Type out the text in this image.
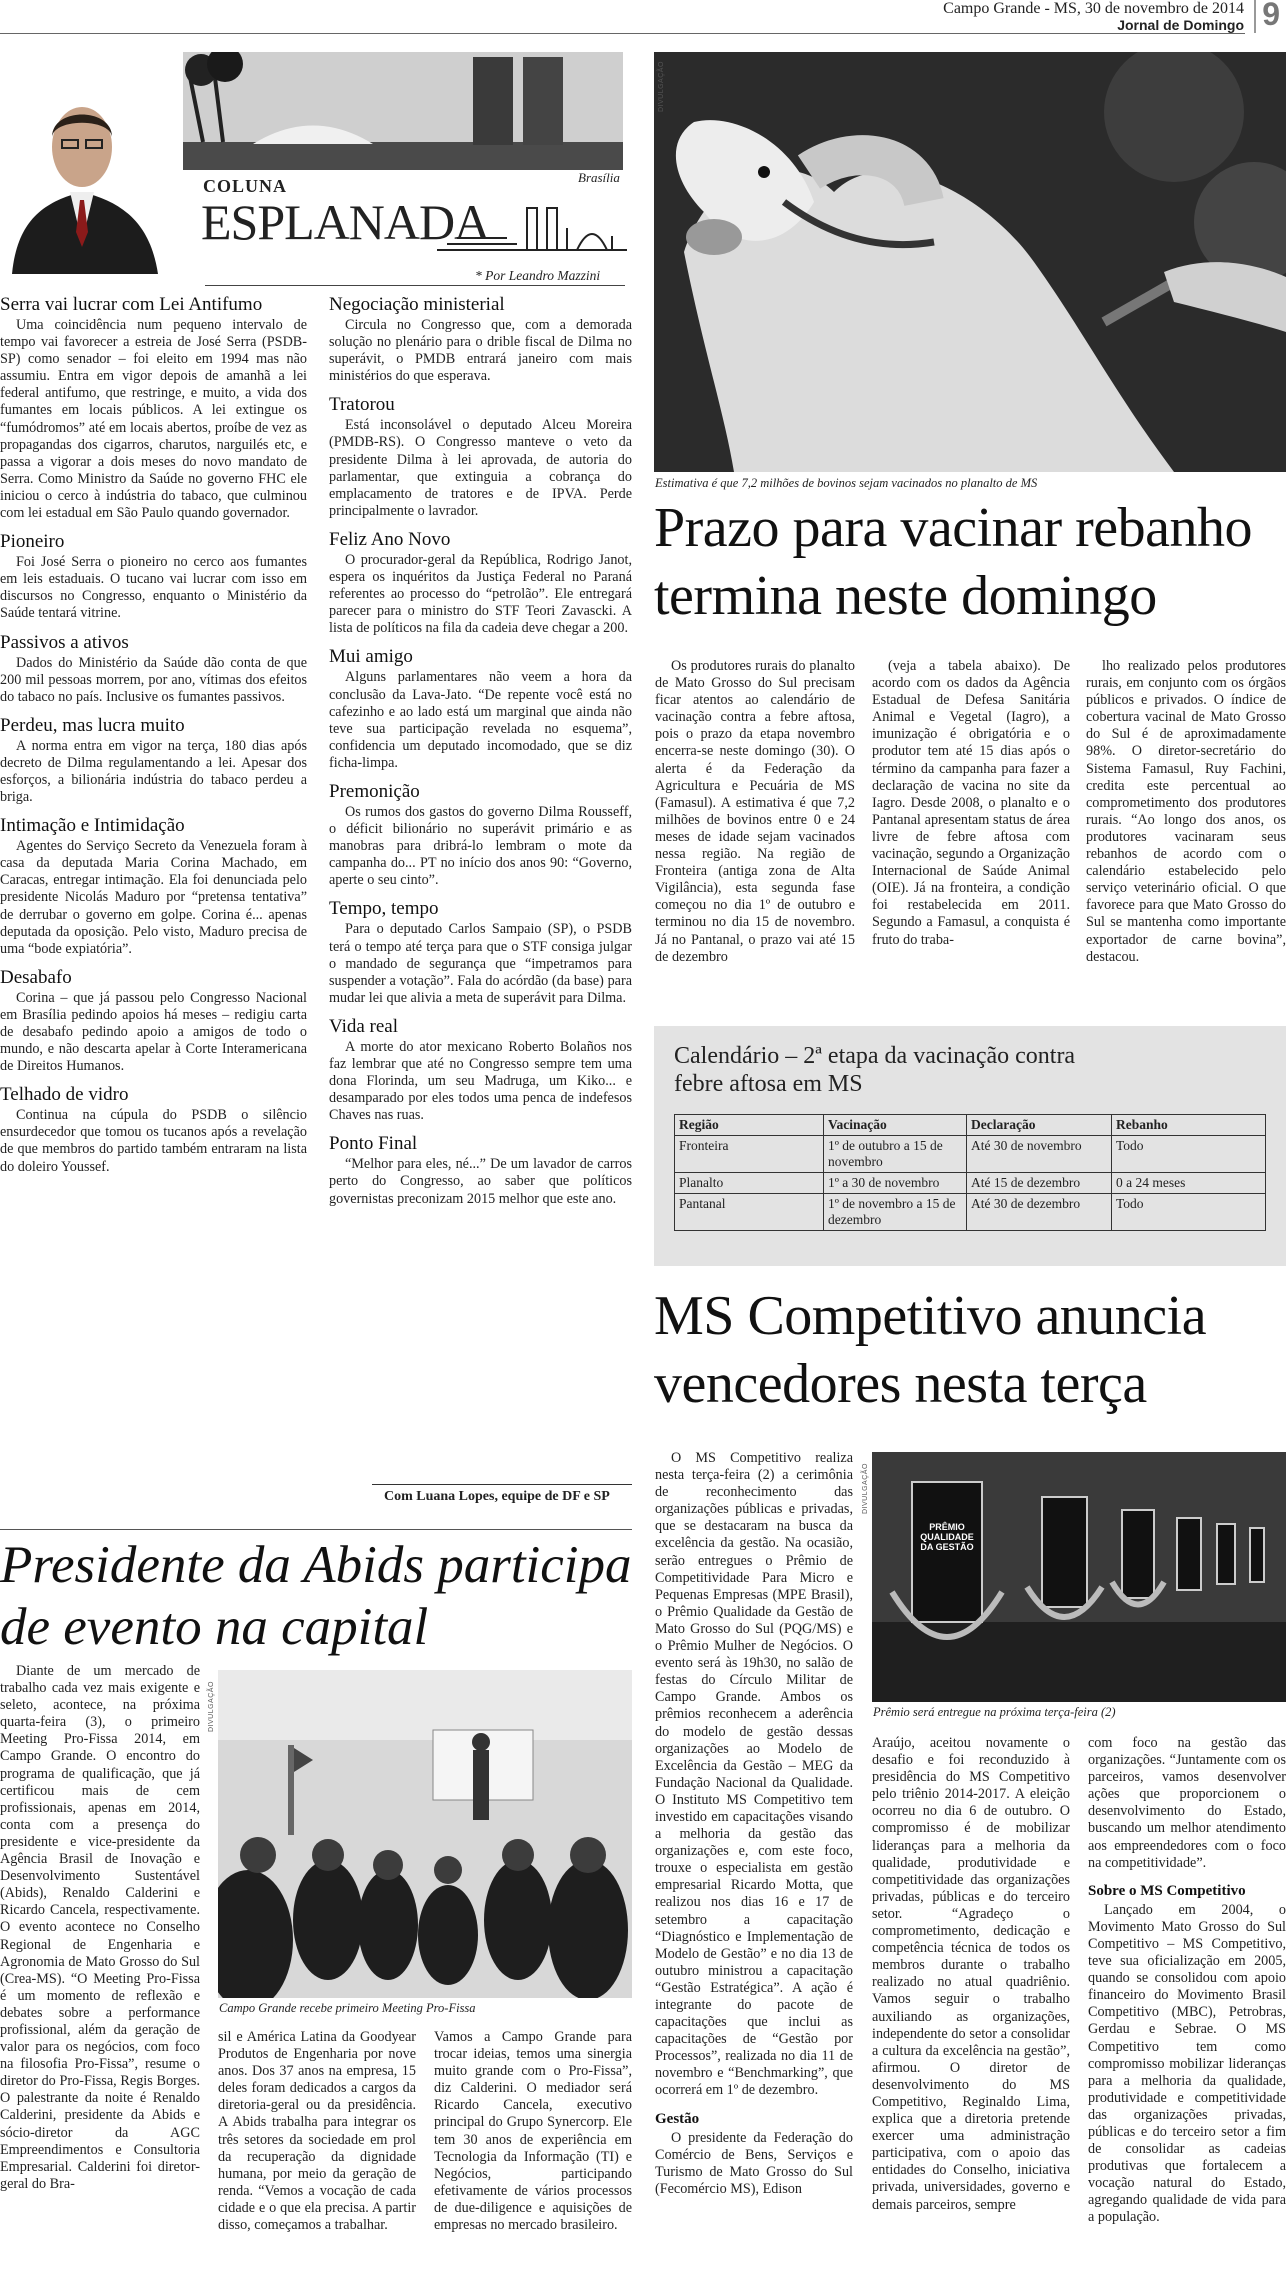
Campo Grande - MS, 30 de novembro de 2014
Jornal de Domingo 9
Brasília
COLUNA
ESPLANADA
* Por Leandro Mazzini
Serra vai lucrar com Lei Antifumo

Uma coincidência num pequeno intervalo de tempo vai favorecer a estreia de José Serra (PSDB-SP) como senador – foi eleito em 1994 mas não assumiu. Entra em vigor depois de amanhã a lei federal antifumo, que restringe, e muito, a vida dos fumantes em locais públicos. A lei extingue os “fumódromos” até em locais abertos, proíbe de vez as propagandas dos cigarros, charutos, narguilés etc, e passa a vigorar a dois meses do novo mandato de Serra. Como Ministro da Saúde no governo FHC ele iniciou o cerco à indústria do tabaco, que culminou com lei estadual em São Paulo quando governador.

Pioneiro

Foi José Serra o pioneiro no cerco aos fumantes em leis estaduais. O tucano vai lucrar com isso em discursos no Congresso, enquanto o Ministério da Saúde tentará vitrine.

Passivos a ativos

Dados do Ministério da Saúde dão conta de que 200 mil pessoas morrem, por ano, vítimas dos efeitos do tabaco no país. Inclusive os fumantes passivos.

Perdeu, mas lucra muito

A norma entra em vigor na terça, 180 dias após decreto de Dilma regulamentando a lei. Apesar dos esforços, a bilionária indústria do tabaco perdeu a briga.

Intimação e Intimidação

Agentes do Serviço Secreto da Venezuela foram à casa da deputada Maria Corina Machado, em Caracas, entregar intimação. Ela foi denunciada pelo presidente Nicolás Maduro por “pretensa tentativa” de derrubar o governo em golpe. Corina é... apenas deputada da oposição. Pelo visto, Maduro precisa de uma “bode expiatória”.

Desabafo

Corina – que já passou pelo Congresso Nacional em Brasília pedindo apoios há meses – redigiu carta de desabafo pedindo apoio a amigos de todo o mundo, e não descarta apelar à Corte Interamericana de Direitos Humanos.

Telhado de vidro

Continua na cúpula do PSDB o silêncio ensurdecedor que tomou os tucanos após a revelação de que membros do partido também entraram na lista do doleiro Youssef.

Negociação ministerial

Circula no Congresso que, com a demorada solução no plenário para o drible fiscal de Dilma no superávit, o PMDB entrará janeiro com mais ministérios do que esperava.

Tratorou

Está inconsolável o deputado Alceu Moreira (PMDB-RS). O Congresso manteve o veto da presidente Dilma à lei aprovada, de autoria do parlamentar, que extinguia a cobrança do emplacamento de tratores e de IPVA. Perde principalmente o lavrador.

Feliz Ano Novo

O procurador-geral da República, Rodrigo Janot, espera os inquéritos da Justiça Federal no Paraná referentes ao processo do “petrolão”. Ele entregará parecer para o ministro do STF Teori Zavascki. A lista de políticos na fila da cadeia deve chegar a 200.

Mui amigo

Alguns parlamentares não veem a hora da conclusão da Lava-Jato. “De repente você está no cafezinho e ao lado está um marginal que ainda não teve sua participação revelada no esquema”, confidencia um deputado incomodado, que se diz ficha-limpa.

Premonição

Os rumos dos gastos do governo Dilma Rousseff, o déficit bilionário no superávit primário e as manobras para dribrá-lo lembram o mote da campanha do... PT no início dos anos 90: “Governo, aperte o seu cinto”.

Tempo, tempo

Para o deputado Carlos Sampaio (SP), o PSDB terá o tempo até terça para que o STF consiga julgar o mandado de segurança que “impetramos para suspender a votação”. Fala do acórdão (da base) para mudar lei que alivia a meta de superávit para Dilma.

Vida real

A morte do ator mexicano Roberto Bolaños nos faz lembrar que até no Congresso sempre tem uma dona Florinda, um seu Madruga, um Kiko... e desamparado por eles todos uma penca de indefesos Chaves nas ruas.

Ponto Final

“Melhor para eles, né...” De um lavador de carros perto do Congresso, ao saber que políticos governistas preconizam 2015 melhor que este ano.

Com Luana Lopes, equipe de DF e SP
DIVULGAÇÃO
Estimativa é que 7,2 milhões de bovinos sejam vacinados no planalto de MS
Prazo para vacinar rebanho termina neste domingo

Os produtores rurais do planalto de Mato Grosso do Sul precisam ficar atentos ao calendário de vacinação contra a febre aftosa, pois o prazo da etapa novembro encerra-se neste domingo (30). O alerta é da Federação da Agricultura e Pecuária de MS (Famasul). A estimativa é que 7,2 milhões de bovinos entre 0 e 24 meses de idade sejam vacinados nessa região. Na região de Fronteira (antiga zona de Alta Vigilância), esta segunda fase começou no dia 1º de outubro e terminou no dia 15 de novembro. Já no Pantanal, o prazo vai até 15 de dezembro

(veja a tabela abaixo). De acordo com os dados da Agência Estadual de Defesa Sanitária Animal e Vegetal (Iagro), a imunização é obrigatória e o produtor tem até 15 dias após o término da campanha para fazer a declaração de vacina no site da Iagro. Desde 2008, o planalto e o Pantanal apresentam status de área livre de febre aftosa com vacinação, segundo a Organização Internacional de Saúde Animal (OIE). Já na fronteira, a condição foi restabelecida em 2011. Segundo a Famasul, a conquista é fruto do traba-

lho realizado pelos produtores rurais, em conjunto com os órgãos públicos e privados. O índice de cobertura vacinal de Mato Grosso do Sul é de aproximadamente 98%. O diretor-secretário do Sistema Famasul, Ruy Fachini, credita este percentual ao comprometimento dos produtores rurais. “Ao longo dos anos, os produtores vacinaram seus rebanhos de acordo com o calendário estabelecido pelo serviço veterinário oficial. O que favorece para que Mato Grosso do Sul se mantenha como importante exportador de carne bovina”, destacou.

Calendário – 2ª etapa da vacinação contra febre aftosa em MS
Região	Vacinação	Declaração	Rebanho
Fronteira	1º de outubro a 15 de novembro	Até 30 de novembro	Todo
Planalto	1º a 30 de novembro	Até 15 de dezembro	0 a 24 meses
Pantanal	1º de novembro a 15 de dezembro	Até 30 de dezembro	Todo
MS Competitivo anuncia vencedores nesta terça

O MS Competitivo realiza nesta terça-feira (2) a cerimônia de reconhecimento das organizações públicas e privadas, que se destacaram na busca da excelência da gestão. Na ocasião, serão entregues o Prêmio de Competitividade Para Micro e Pequenas Empresas (MPE Brasil), o Prêmio Qualidade da Gestão de Mato Grosso do Sul (PQG/MS) e o Prêmio Mulher de Negócios. O evento será às 19h30, no salão de festas do Círculo Militar de Campo Grande. Ambos os prêmios reconhecem a aderência do modelo de gestão dessas organizações ao Modelo de Excelência da Gestão – MEG da Fundação Nacional da Qualidade. O Instituto MS Competitivo tem investido em capacitações visando a melhoria da gestão das organizações e, com este foco, trouxe o especialista em gestão empresarial Ricardo Motta, que realizou nos dias 16 e 17 de setembro a capacitação “Diagnóstico e Implementação de Modelo de Gestão” e no dia 13 de outubro ministrou a capacitação “Gestão Estratégica”. A ação é integrante do pacote de capacitações que inclui as capacitações de “Gestão por Processos”, realizada no dia 11 de novembro e “Benchmarking”, que ocorrerá em 1º de dezembro.

Gestão

O presidente da Federação do Comércio de Bens, Serviços e Turismo de Mato Grosso do Sul (Fecomércio MS), Edison

PRÊMIO QUALIDADE DA GESTÃO
DIVULGAÇÃO
Prêmio será entregue na próxima terça-feira (2)

Araújo, aceitou novamente o desafio e foi reconduzido à presidência do MS Competitivo pelo triênio 2014-2017. A eleição ocorreu no dia 6 de outubro. O compromisso é de mobilizar lideranças para a melhoria da qualidade, produtividade e competitividade das organizações privadas, públicas e do terceiro setor. “Agradeço o comprometimento, dedicação e competência técnica de todos os membros durante o trabalho realizado no atual quadriênio. Vamos seguir o trabalho auxiliando as organizações, independente do setor a consolidar a cultura da excelência na gestão”, afirmou. O diretor de desenvolvimento do MS Competitivo, Reginaldo Lima, explica que a diretoria pretende exercer uma administração participativa, com o apoio das entidades do Conselho, iniciativa privada, universidades, governo e demais parceiros, sempre

com foco na gestão das organizações. “Juntamente com os parceiros, vamos desenvolver ações que proporcionem o desenvolvimento do Estado, buscando um melhor atendimento aos empreendedores com o foco na competitividade”.

Sobre o MS Competitivo

Lançado em 2004, o Movimento Mato Grosso do Sul Competitivo – MS Competitivo, teve sua oficialização em 2005, quando se consolidou com apoio financeiro do Movimento Brasil Competitivo (MBC), Petrobras, Gerdau e Sebrae. O MS Competitivo tem como compromisso mobilizar lideranças para a melhoria da qualidade, produtividade e competitividade das organizações privadas, públicas e do terceiro setor a fim de consolidar as cadeias produtivas que fortalecem a vocação natural do Estado, agregando qualidade de vida para a população.

Presidente da Abids participa de evento na capital

Diante de um mercado de trabalho cada vez mais exigente e seleto, acontece, na próxima quarta-feira (3), o primeiro Meeting Pro-Fissa 2014, em Campo Grande. O encontro do programa de qualificação, que já certificou mais de cem profissionais, apenas em 2014, conta com a presença do presidente e vice-presidente da Agência Brasil de Inovação e Desenvolvimento Sustentável (Abids), Renaldo Calderini e Ricardo Cancela, respectivamente. O evento acontece no Conselho Regional de Engenharia e Agronomia de Mato Grosso do Sul (Crea-MS). “O Meeting Pro-Fissa é um momento de reflexão e debates sobre a performance profissional, além da geração de valor para os negócios, com foco na filosofia Pro-Fissa”, resume o diretor do Pro-Fissa, Regis Borges. O palestrante da noite é Renaldo Calderini, presidente da Abids e sócio-diretor da AGC Empreendimentos e Consultoria Empresarial. Calderini foi diretor-geral do Bra-

DIVULGAÇÃO
Campo Grande recebe primeiro Meeting Pro-Fissa

sil e América Latina da Goodyear Produtos de Engenharia por nove anos. Dos 37 anos na empresa, 15 deles foram dedicados a cargos da diretoria-geral ou da presidência. A Abids trabalha para integrar os três setores da sociedade em prol da recuperação da dignidade humana, por meio da geração de renda. “Vemos a vocação de cada cidade e o que ela precisa. A partir disso, começamos a trabalhar.

Vamos a Campo Grande para trocar ideias, temos uma sinergia muito grande com o Pro-Fissa”, diz Calderini. O mediador será Ricardo Cancela, executivo principal do Grupo Synercorp. Ele tem 30 anos de experiência em Tecnologia da Informação (TI) e Negócios, participando efetivamente de vários processos de due-diligence e aquisições de empresas no mercado brasileiro.
